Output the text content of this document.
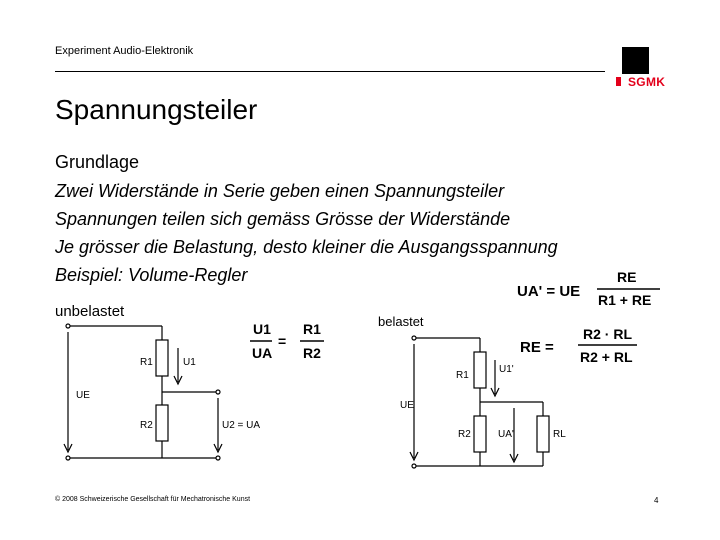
Experiment Audio-Elektronik
SGMK
Spannungsteiler
Grundlage
Zwei Widerstände in Serie geben einen Spannungsteiler
Spannungen teilen sich gemäss Grösse der Widerstände
Je grösser die Belastung, desto kleiner die Ausgangsspannung
Beispiel: Volume-Regler
UA' = UE
RE
R1 + RE
RE =
R2 · RL
R2 + RL
U1
UA
=
R1
R2
unbelastet
R1	U1
UE
R2	U2 = UA
belastet
R1
U1'
UE
R2	UA'	RL
© 2008 Schweizerische Gesellschaft für Mechatronische Kunst	4
